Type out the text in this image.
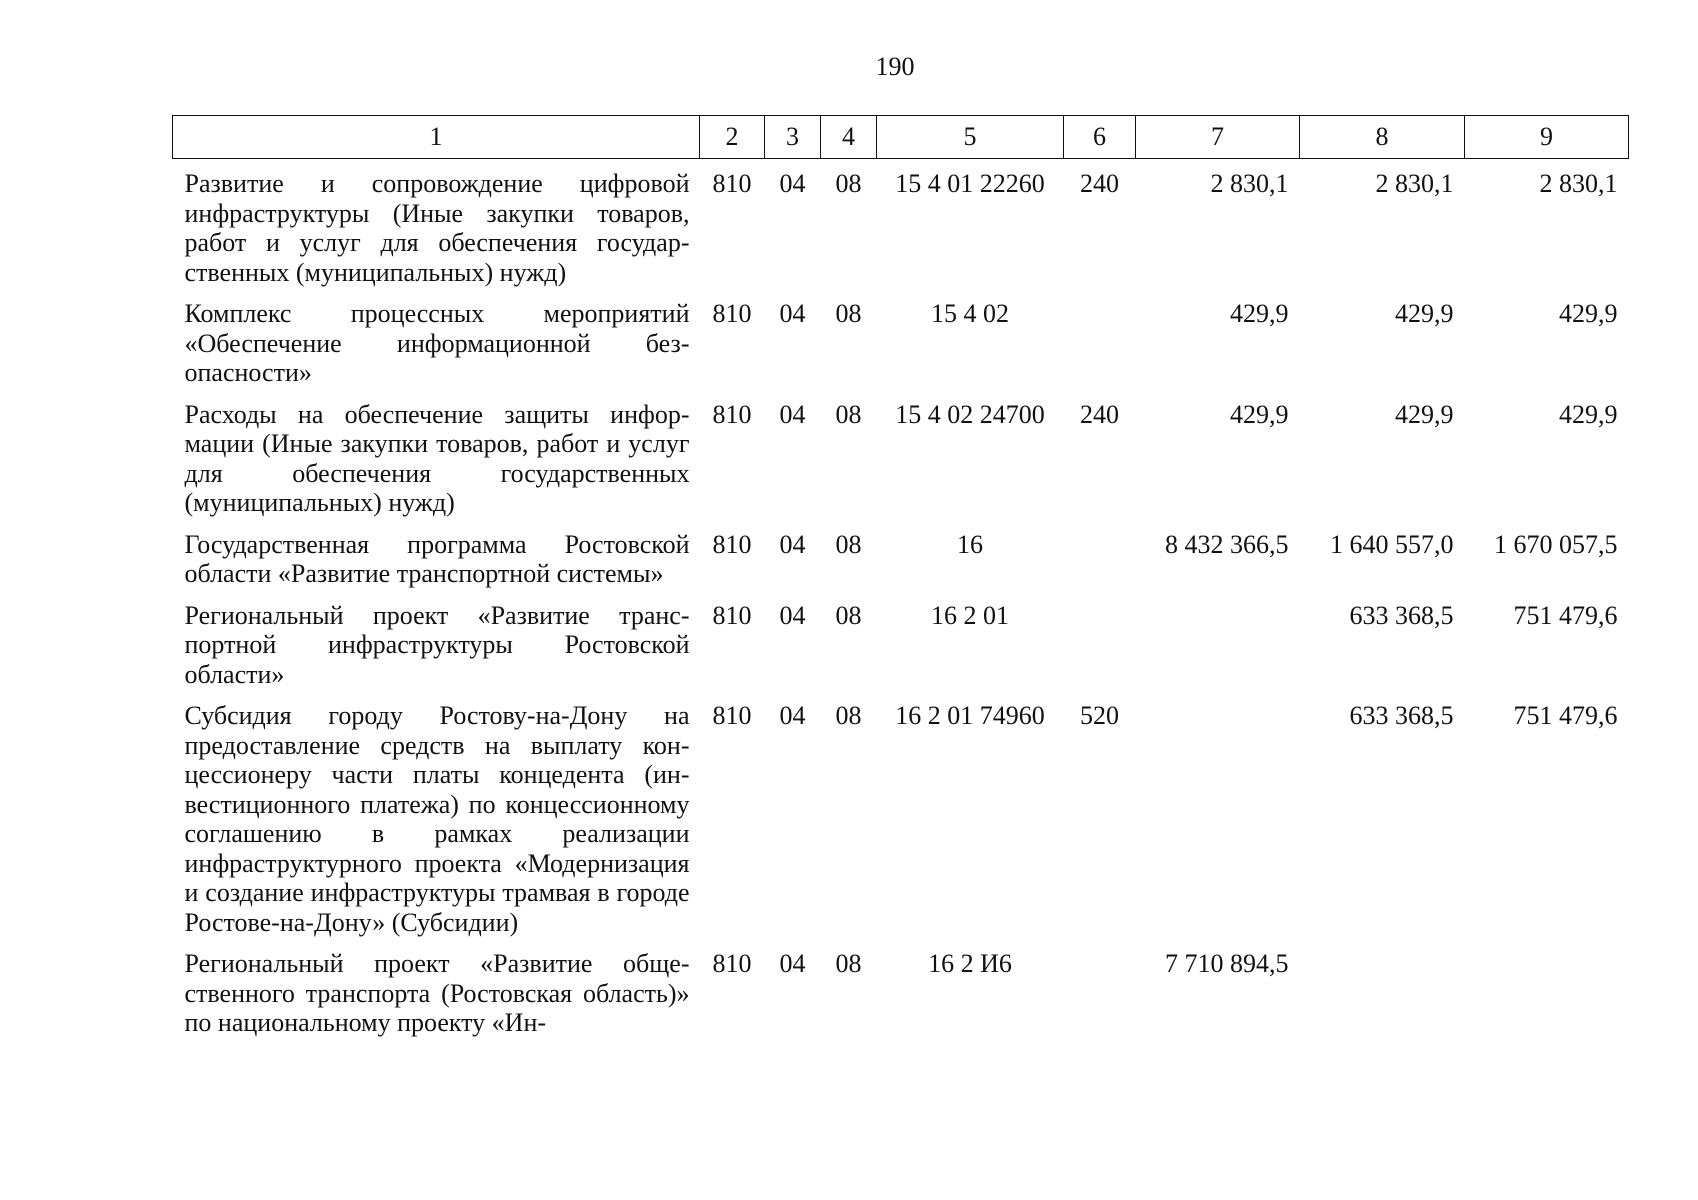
190
1	2	3	4	5	6	7	8	9
Развитие и сопровождение цифровой инфраструктуры (Иные закупки товаров, работ и услуг для обеспечения государственных (муниципальных) нужд)	810	04	08	15 4 01 22260	240	2 830,1	2 830,1	2 830,1
Комплекс процессных мероприятий «Обеспечение информационной безопасности»	810	04	08	15 4 02		429,9	429,9	429,9
Расходы на обеспечение защиты информации (Иные закупки товаров, работ и услуг для обеспечения государственных (муниципальных) нужд)	810	04	08	15 4 02 24700	240	429,9	429,9	429,9
Государственная программа Ростовской области «Развитие транспортной системы»	810	04	08	16		8 432 366,5	1 640 557,0	1 670 057,5
Региональный проект «Развитие транспортной инфраструктуры Ростовской области»	810	04	08	16 2 01			633 368,5	751 479,6
Субсидия городу Ростову-на-Дону на предоставление средств на выплату концессионеру части платы концедента (инвестиционного платежа) по концессионному соглашению в рамках реализации инфраструктурного проекта «Модернизация и создание инфраструктуры трамвая в городе Ростове-на-Дону» (Субсидии)	810	04	08	16 2 01 74960	520		633 368,5	751 479,6
Региональный проект «Развитие общественного транспорта (Ростовская область)» по национальному проекту «Ин-	810	04	08	16 2 И6		7 710 894,5		
